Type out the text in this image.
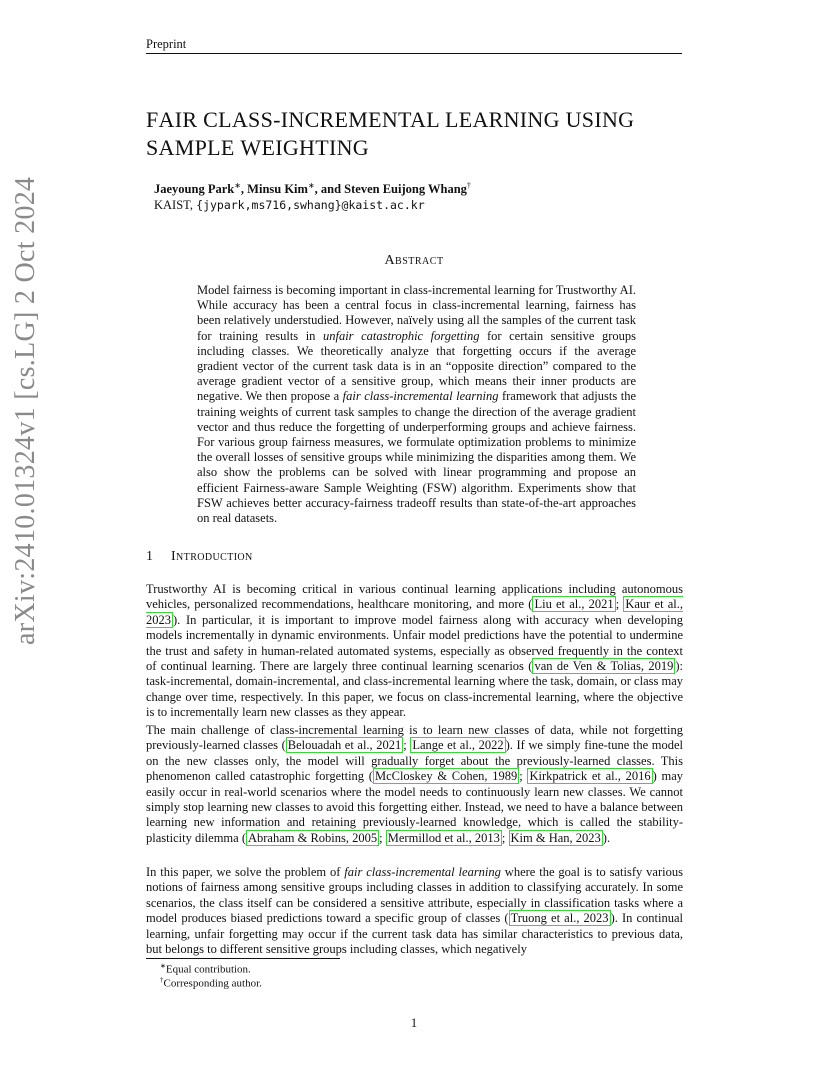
Preprint
arXiv:2410.01324v1 [cs.LG] 2 Oct 2024
FAIR CLASS-INCREMENTAL LEARNING USING
SAMPLE WEIGHTING
Jaeyoung Park∗, Minsu Kim∗, and Steven Euijong Whang†
KAIST, {jypark,ms716,swhang}@kaist.ac.kr
Abstract
Model fairness is becoming important in class-incremental learning for Trustworthy AI. While accuracy has been a central focus in class-incremental learning, fairness has been relatively understudied. However, naïvely using all the samples of the current task for training results in unfair catastrophic forgetting for certain sensitive groups including classes. We theoretically analyze that forgetting occurs if the average gradient vector of the current task data is in an “opposite direction” compared to the average gradient vector of a sensitive group, which means their inner products are negative. We then propose a fair class-incremental learning framework that adjusts the training weights of current task samples to change the direction of the average gradient vector and thus reduce the forgetting of underperforming groups and achieve fairness. For various group fairness measures, we formulate optimization problems to minimize the overall losses of sensitive groups while minimizing the disparities among them. We also show the problems can be solved with linear programming and propose an efficient Fairness-aware Sample Weighting (FSW) algorithm. Experiments show that FSW achieves better accuracy-fairness tradeoff results than state-of-the-art approaches on real datasets.
1 Introduction
Trustworthy AI is becoming critical in various continual learning applications including autonomous vehicles, personalized recommendations, healthcare monitoring, and more ( Liu et al., 2021 ; Kaur et al., 2023 ). In particular, it is important to improve model fairness along with accuracy when developing models incrementally in dynamic environments. Unfair model predictions have the potential to undermine the trust and safety in human-related automated systems, especially as observed frequently in the context of continual learning. There are largely three continual learning scenarios ( van de Ven & Tolias, 2019 ): task-incremental, domain-incremental, and class-incremental learning where the task, domain, or class may change over time, respectively. In this paper, we focus on class-incremental learning, where the objective is to incrementally learn new classes as they appear.
The main challenge of class-incremental learning is to learn new classes of data, while not forgetting previously-learned classes ( Belouadah et al., 2021 ; Lange et al., 2022 ). If we simply fine-tune the model on the new classes only, the model will gradually forget about the previously-learned classes. This phenomenon called catastrophic forgetting ( McCloskey & Cohen, 1989 ; Kirkpatrick et al., 2016 ) may easily occur in real-world scenarios where the model needs to continuously learn new classes. We cannot simply stop learning new classes to avoid this forgetting either. Instead, we need to have a balance between learning new information and retaining previously-learned knowledge, which is called the stability-plasticity dilemma ( Abraham & Robins, 2005 ; Mermillod et al., 2013 ; Kim & Han, 2023 ).
In this paper, we solve the problem of fair class-incremental learning where the goal is to satisfy various notions of fairness among sensitive groups including classes in addition to classifying accurately. In some scenarios, the class itself can be considered a sensitive attribute, especially in classification tasks where a model produces biased predictions toward a specific group of classes ( Truong et al., 2023 ). In continual learning, unfair forgetting may occur if the current task data has similar characteristics to previous data, but belongs to different sensitive groups including classes, which negatively
∗Equal contribution.
†Corresponding author.
1
